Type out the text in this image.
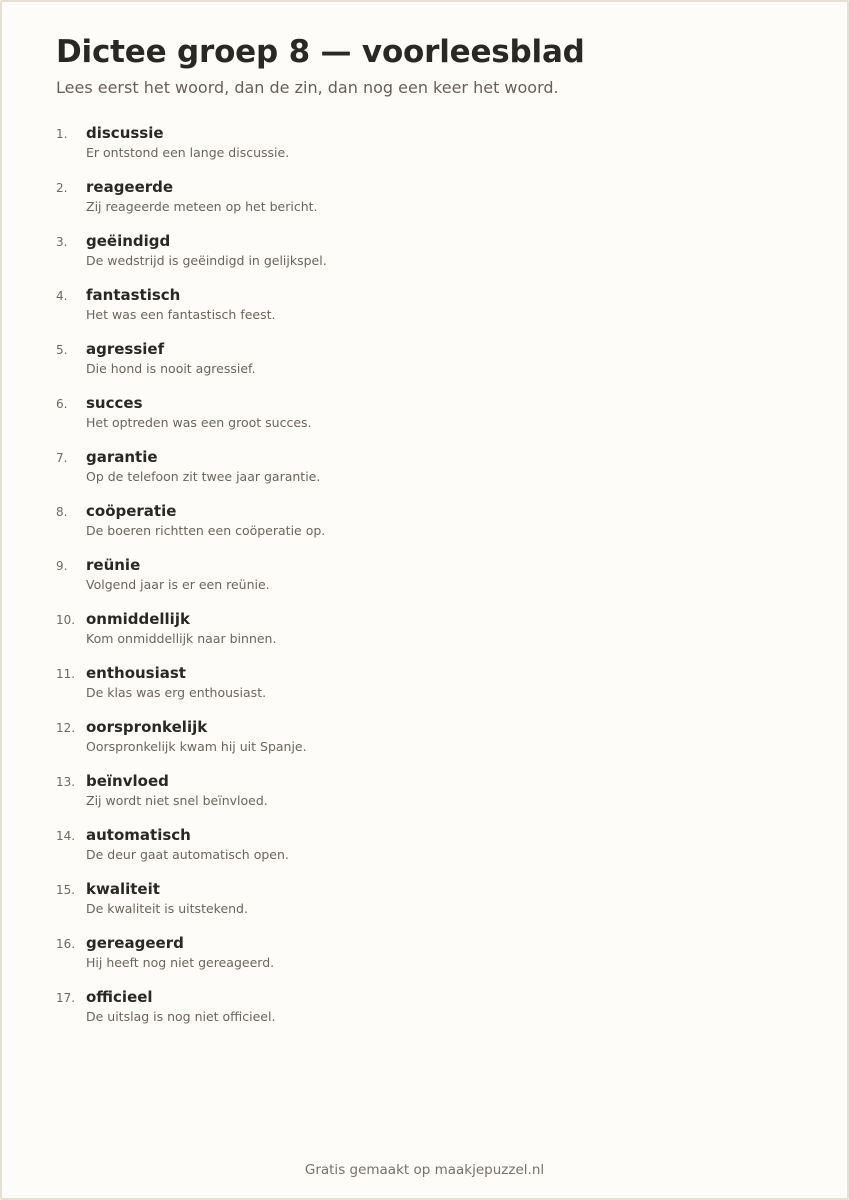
Dictee groep 8 — voorleesblad

Lees eerst het woord, dan de zin, dan nog een keer het woord.

1.	discussie
Er ontstond een lange discussie.
2.	reageerde
Zij reageerde meteen op het bericht.
3.	geëindigd
De wedstrijd is geëindigd in gelijkspel.
4.	fantastisch
Het was een fantastisch feest.
5.	agressief
Die hond is nooit agressief.
6.	succes
Het optreden was een groot succes.
7.	garantie
Op de telefoon zit twee jaar garantie.
8.	coöperatie
De boeren richtten een coöperatie op.
9.	reünie
Volgend jaar is er een reünie.
10. onmiddellijk
Kom onmiddellijk naar binnen.
11. enthousiast
De klas was erg enthousiast.
12. oorspronkelijk
Oorspronkelijk kwam hij uit Spanje.
13. beïnvloed
Zij wordt niet snel beïnvloed.
14. automatisch
De deur gaat automatisch open.
15. kwaliteit
De kwaliteit is uitstekend.
16. gereageerd
Hij heeft nog niet gereageerd.
17. officieel
De uitslag is nog niet officieel.
Gratis gemaakt op maakjepuzzel.nl
